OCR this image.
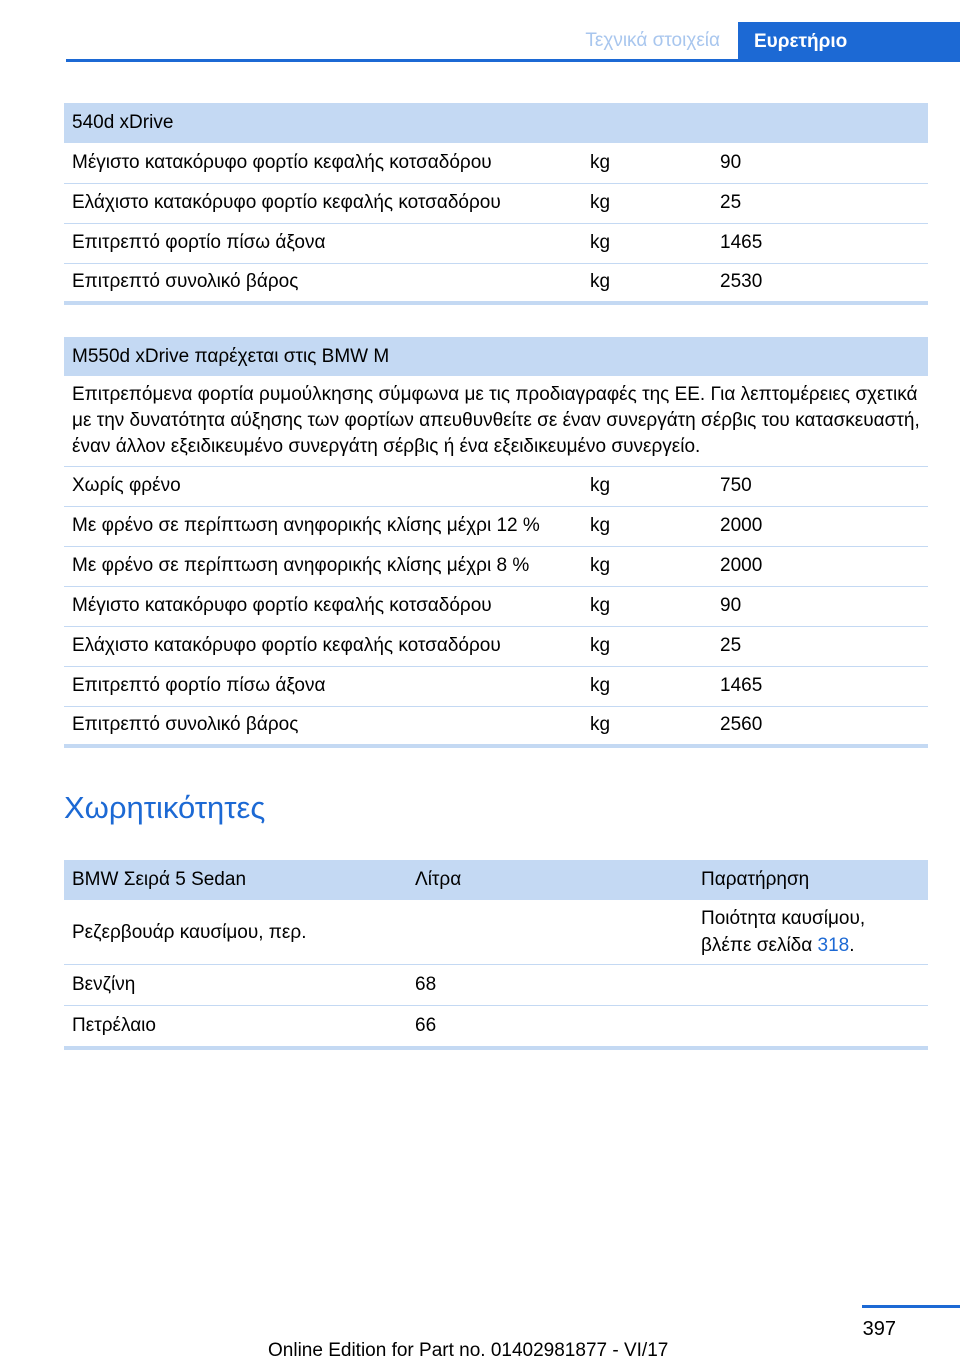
Τεχνικά στοιχεία	Ευρετήριο
540d xDrive		
Μέγιστο κατακόρυφο φορτίο κεφαλής κοτσαδόρου	kg	90
Ελάχιστο κατακόρυφο φορτίο κεφαλής κοτσαδόρου	kg	25
Επιτρεπτό φορτίο πίσω άξονα	kg	1465
Επιτρεπτό συνολικό βάρος	kg	2530
M550d xDrive παρέχεται στις BMW M		
Επιτρεπόμενα φορτία ρυμούλκησης σύμφωνα με τις προδιαγραφές της ΕΕ. Για λεπτομέρειες σχετικά με την δυνατότητα αύξησης των φορτίων απευθυνθείτε σε έναν συνεργάτη σέρβις του κατασκευαστή, έναν άλλον εξειδικευμένο συνεργάτη σέρβις ή ένα εξειδικευμένο συνεργείο.		
Χωρίς φρένο	kg	750
Με φρένο σε περίπτωση ανηφορικής κλίσης μέχρι 12 %	kg	2000
Με φρένο σε περίπτωση ανηφορικής κλίσης μέχρι 8 %	kg	2000
Μέγιστο κατακόρυφο φορτίο κεφαλής κοτσαδόρου	kg	90
Ελάχιστο κατακόρυφο φορτίο κεφαλής κοτσαδόρου	kg	25
Επιτρεπτό φορτίο πίσω άξονα	kg	1465
Επιτρεπτό συνολικό βάρος	kg	2560
Χωρητικότητες
BMW Σειρά 5 Sedan	Λίτρα	Παρατήρηση
Ρεζερβουάρ καυσίμου, περ.		Ποιότητα καυσίμου,
βλέπε σελίδα 318.
Βενζίνη	68	
Πετρέλαιο	66	
397
Online Edition for Part no. 01402981877 - VI/17
